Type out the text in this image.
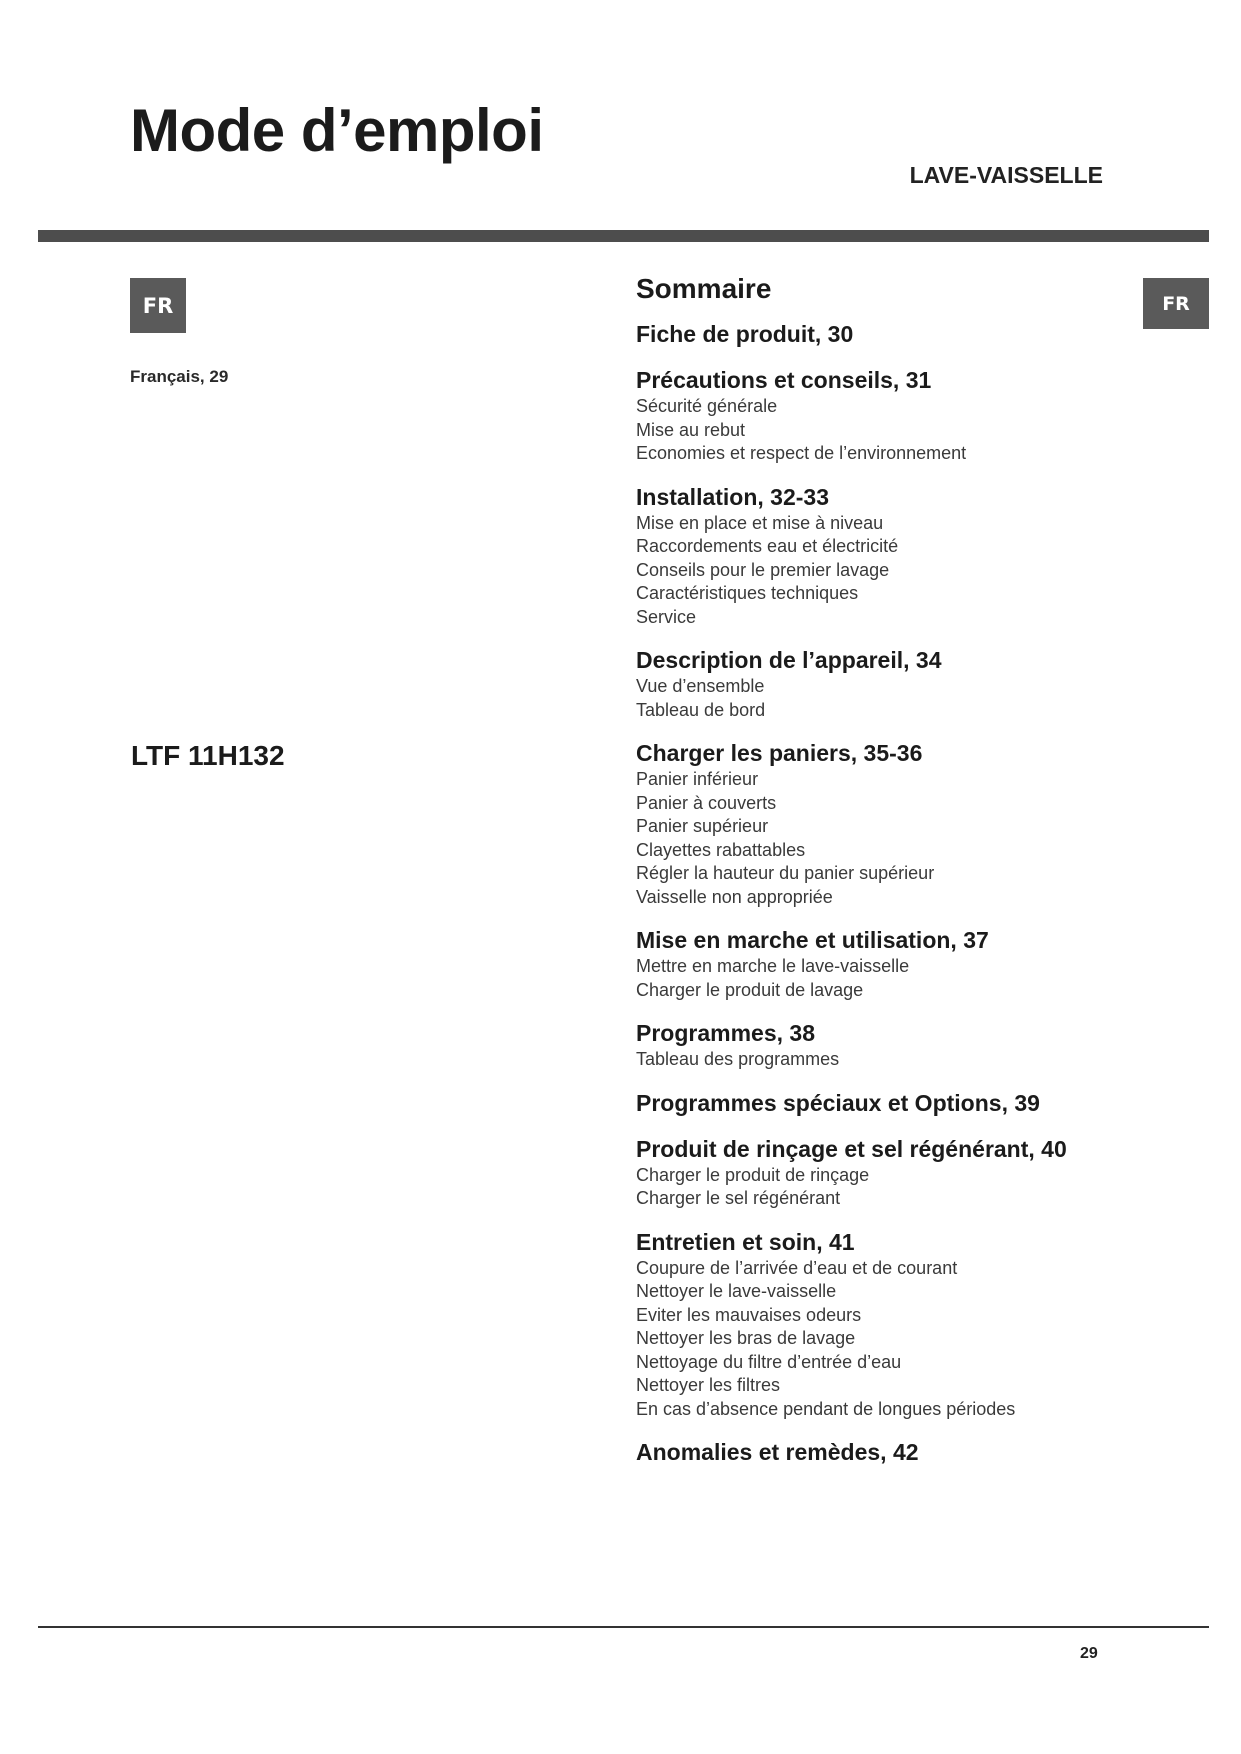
Mode d’emploi
LAVE-VAISSELLE
FR
Français, 29
LTF 11H132
FR
Sommaire
Fiche de produit, 30
Précautions et conseils, 31
Sécurité générale
Mise au rebut
Economies et respect de l’environnement
Installation, 32-33
Mise en place et mise à niveau
Raccordements eau et électricité
Conseils pour le premier lavage
Caractéristiques techniques
Service
Description de l’appareil, 34
Vue d’ensemble
Tableau de bord
Charger les paniers, 35-36
Panier inférieur
Panier à couverts
Panier supérieur
Clayettes rabattables
Régler la hauteur du panier supérieur
Vaisselle non appropriée
Mise en marche et utilisation, 37
Mettre en marche le lave-vaisselle
Charger le produit de lavage
Programmes, 38
Tableau des programmes
Programmes spéciaux et Options, 39
Produit de rinçage et sel régénérant, 40
Charger le produit de rinçage
Charger le sel régénérant
Entretien et soin, 41
Coupure de l’arrivée d’eau et de courant
Nettoyer le lave-vaisselle
Eviter les mauvaises odeurs
Nettoyer les bras de lavage
Nettoyage du filtre d’entrée d’eau
Nettoyer les filtres
En cas d’absence pendant de longues périodes
Anomalies et remèdes, 42
29
